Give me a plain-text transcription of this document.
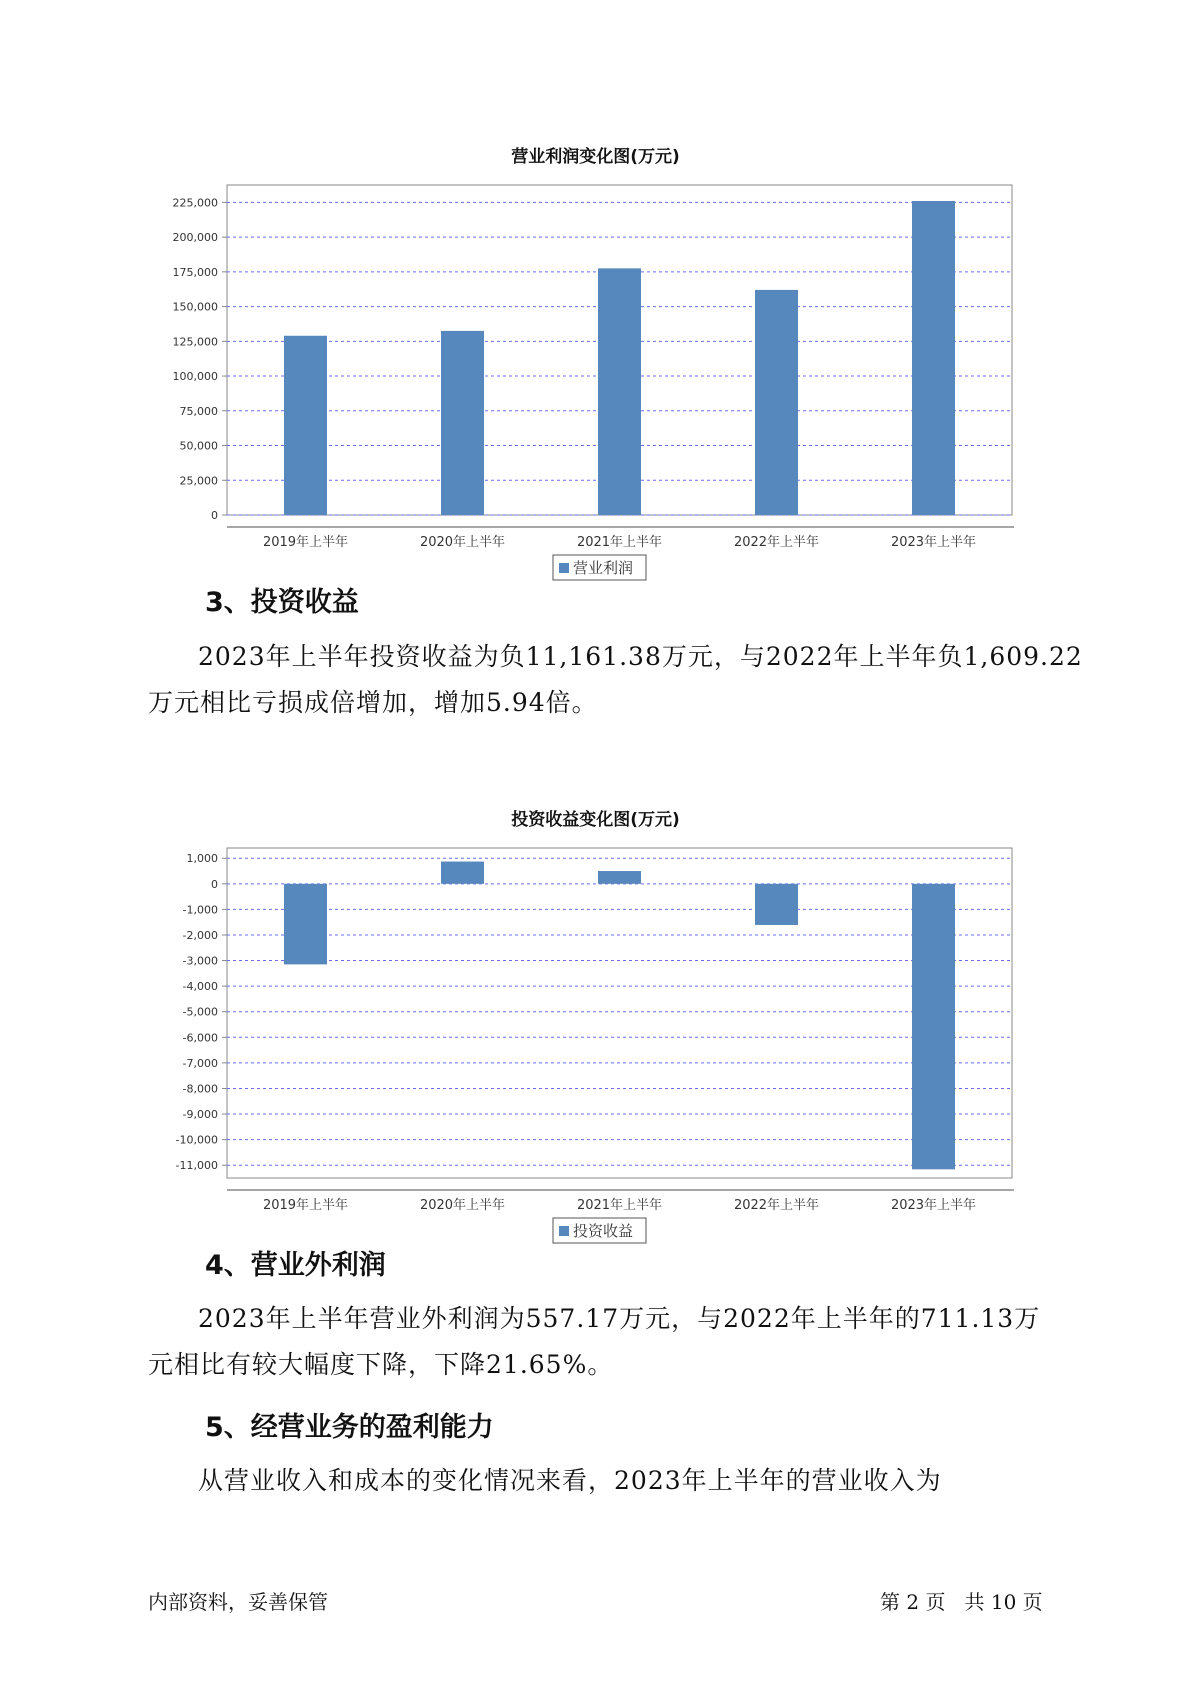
营业利润变化图(万元)
0
25,000
50,000
75,000
100,000
125,000
150,000
175,000
200,000
225,000
2019年上半年	2020年上半年	2021年上半年	2022年上半年	2023年上半年
营业利润
3、投资收益

2023年上半年投资收益为负11,161.38万元，与2022年上半年负1,609.22
万元相比亏损成倍增加，增加5.94倍。

投资收益变化图(万元)
1,000
0
-1,000
-2,000
-3,000
-4,000
-5,000
-6,000
-7,000
-8,000
-9,000
-10,000
-11,000
2019年上半年	2020年上半年	2021年上半年	2022年上半年	2023年上半年
投资收益
4、营业外利润

2023年上半年营业外利润为557.17万元，与2022年上半年的711.13万
元相比有较大幅度下降，下降21.65%。

5、经营业务的盈利能力

从营业收入和成本的变化情况来看，2023年上半年的营业收入为

内部资料，妥善保管	第 2 页   共 10 页
